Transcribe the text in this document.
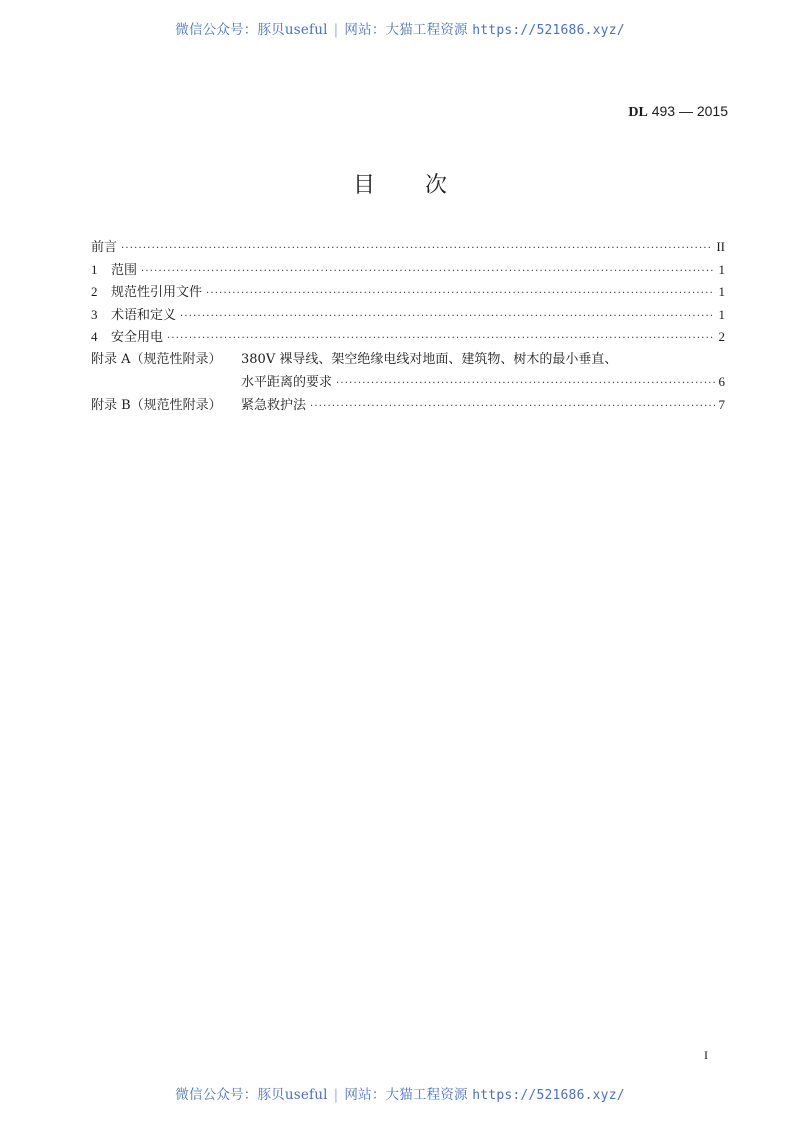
微信公众号：豚贝useful | 网站：大猫工程资源 https://521686.xyz/
DL 493 — 2015
目 次
前言 ·····	II
1	范围 ·····	1
2	规范性引用文件 ·····	1
3	术语和定义 ·····	1
4	安全用电 ·····	2
附录 A（规范性附录）	380V 裸导线、架空绝缘电线对地面、建筑物、树木的最小垂直、
水平距离的要求 ·····	6
附录 B（规范性附录）	紧急救护法 ·····	7
I
微信公众号：豚贝useful | 网站：大猫工程资源 https://521686.xyz/
